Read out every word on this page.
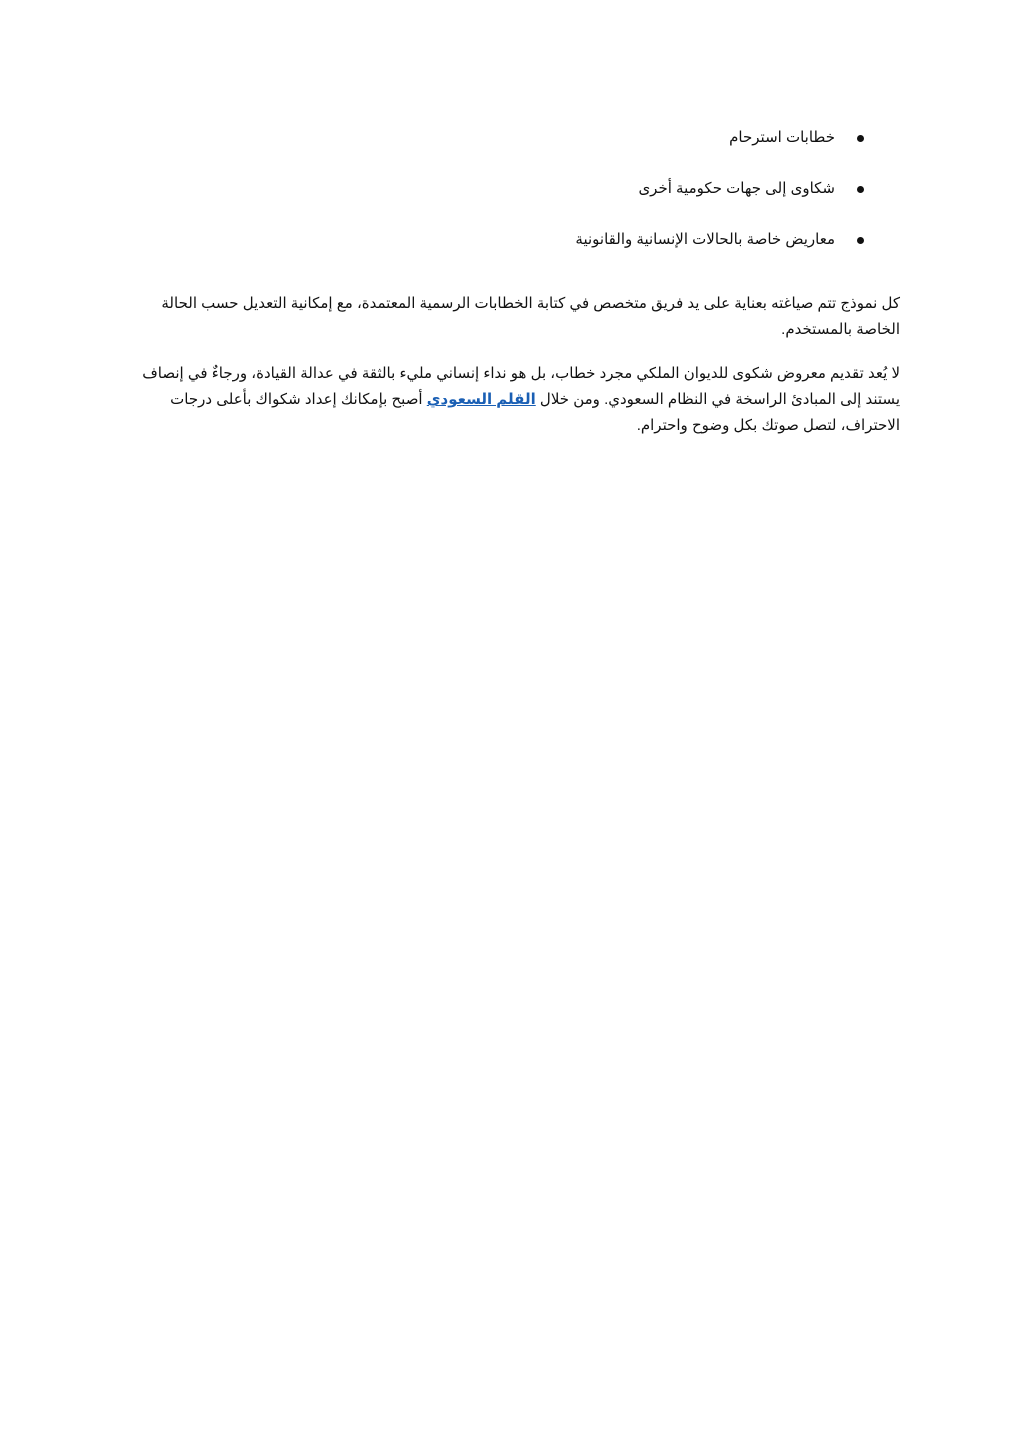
خطابات استرحام
شكاوى إلى جهات حكومية أخرى
معاريض خاصة بالحالات الإنسانية والقانونية

كل نموذج تتم صياغته بعناية على يد فريق متخصص في كتابة الخطابات الرسمية المعتمدة، مع إمكانية التعديل حسب الحالة الخاصة بالمستخدم.

لا يُعد تقديم معروض شكوى للديوان الملكي مجرد خطاب، بل هو نداء إنساني مليء بالثقة في عدالة القيادة، ورجاءٌ في إنصاف يستند إلى المبادئ الراسخة في النظام السعودي. ومن خلال القلم السعودي أصبح بإمكانك إعداد شكواك بأعلى درجات الاحتراف، لتصل صوتك بكل وضوح واحترام.
